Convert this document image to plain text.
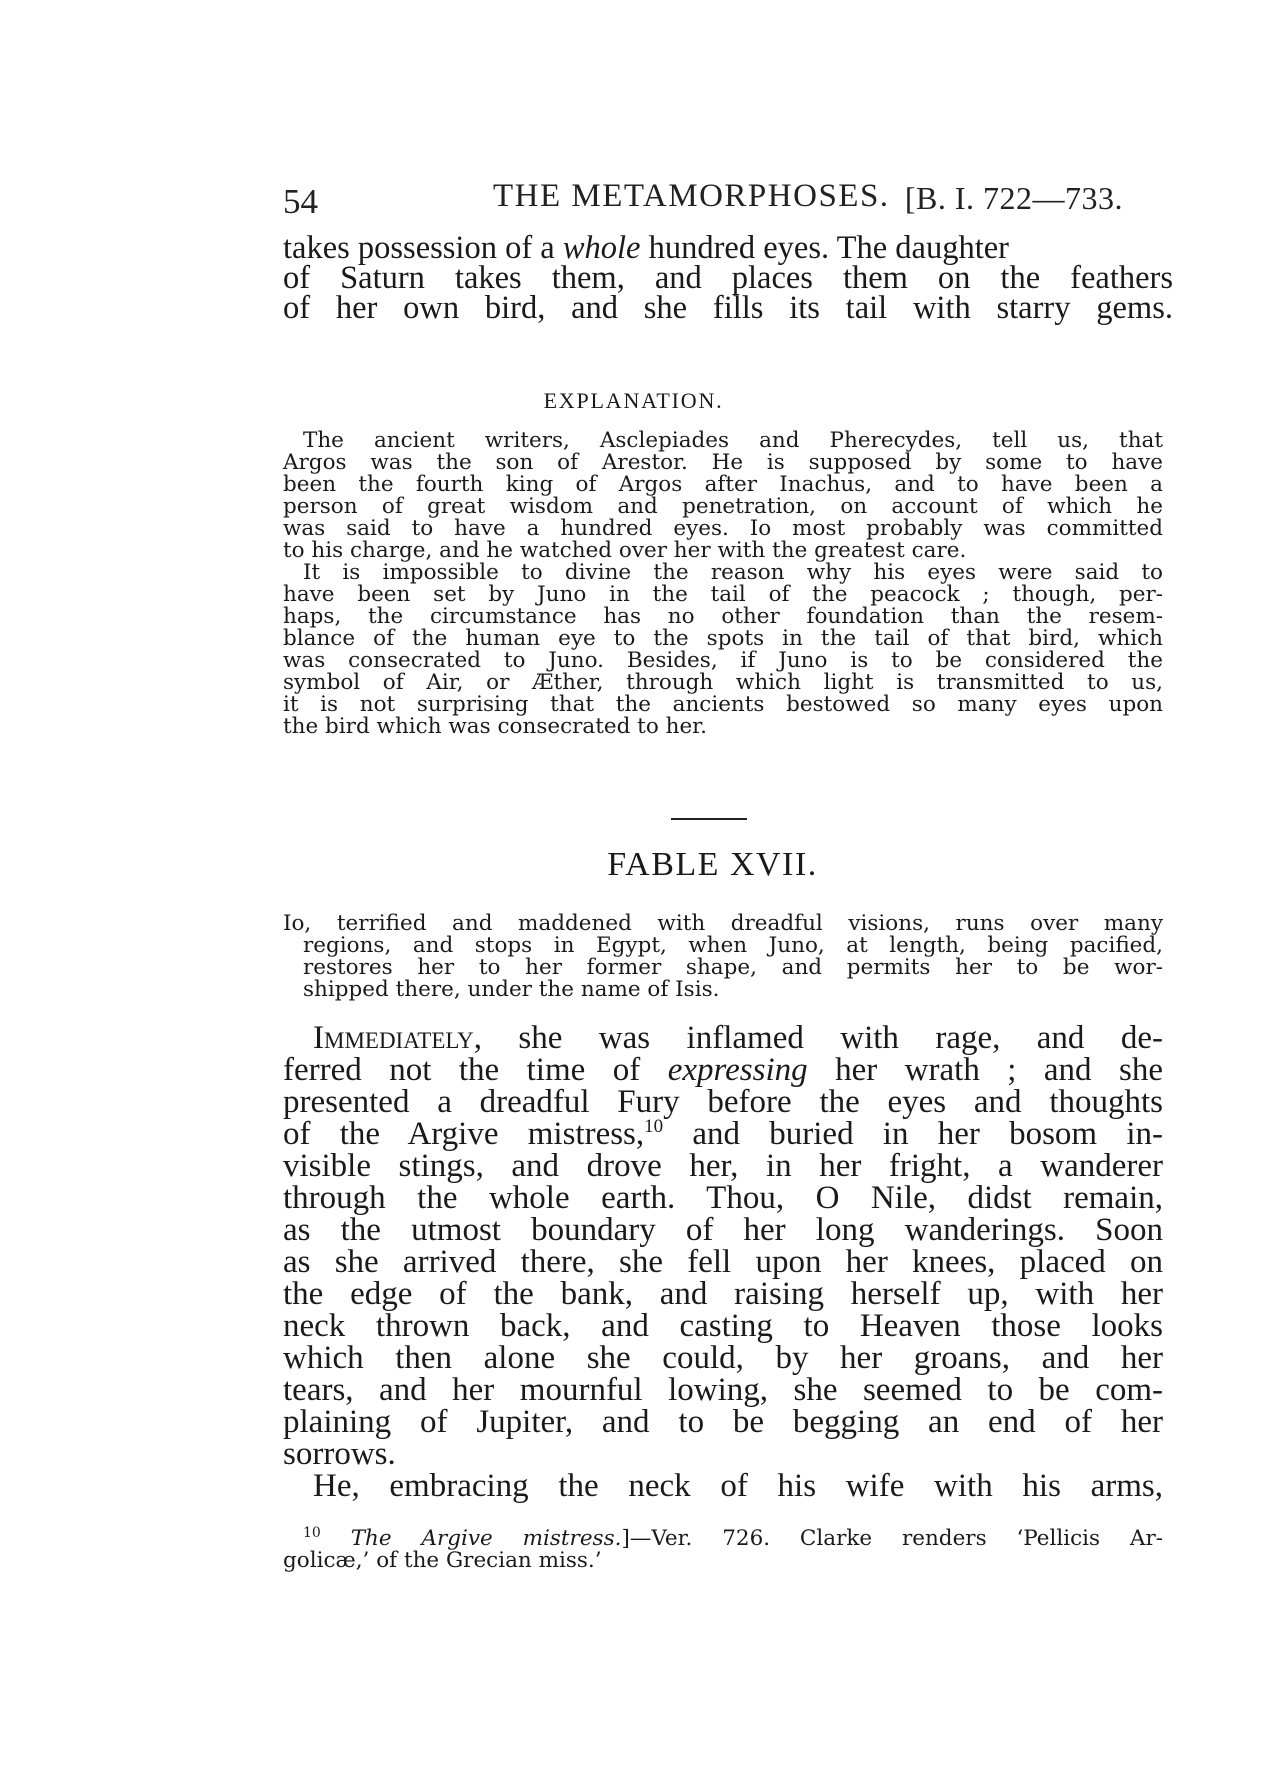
54	THE METAMORPHOSES. [B. I. 722—733.
takes possession of a whole hundred eyes. The daughter
of Saturn takes them, and places them on the feathers
of her own bird, and she fills its tail with starry gems.
EXPLANATION.
The ancient writers, Asclepiades and Pherecydes, tell us, that
Argos was the son of Arestor. He is supposed by some to have
been the fourth king of Argos after Inachus, and to have been a
person of great wisdom and penetration, on account of which he
was said to have a hundred eyes. Io most probably was committed
to his charge, and he watched over her with the greatest care.
It is impossible to divine the reason why his eyes were said to
have been set by Juno in the tail of the peacock ; though, per-
haps, the circumstance has no other foundation than the resem-
blance of the human eye to the spots in the tail of that bird, which
was consecrated to Juno. Besides, if Juno is to be considered the
symbol of Air, or Æther, through which light is transmitted to us,
it is not surprising that the ancients bestowed so many eyes upon
the bird which was consecrated to her.
FABLE XVII.
Io, terrified and maddened with dreadful visions, runs over many
regions, and stops in Egypt, when Juno, at length, being pacified,
restores her to her former shape, and permits her to be wor-
shipped there, under the name of Isis.
Immediately, she was inflamed with rage, and de-
ferred not the time of expressing her wrath ; and she
presented a dreadful Fury before the eyes and thoughts
of the Argive mistress,$^{10}$ and buried in her bosom in-
visible stings, and drove her, in her fright, a wanderer
through the whole earth. Thou, O Nile, didst remain,
as the utmost boundary of her long wanderings. Soon
as she arrived there, she fell upon her knees, placed on
the edge of the bank, and raising herself up, with her
neck thrown back, and casting to Heaven those looks
which then alone she could, by her groans, and her
tears, and her mournful lowing, she seemed to be com-
plaining of Jupiter, and to be begging an end of her
sorrows.
He, embracing the neck of his wife with his arms,
$^{10}$ The Argive mistress.]—Ver. 726. Clarke renders ‘Pellicis Ar-
golicæ,’ of the Grecian miss.’
